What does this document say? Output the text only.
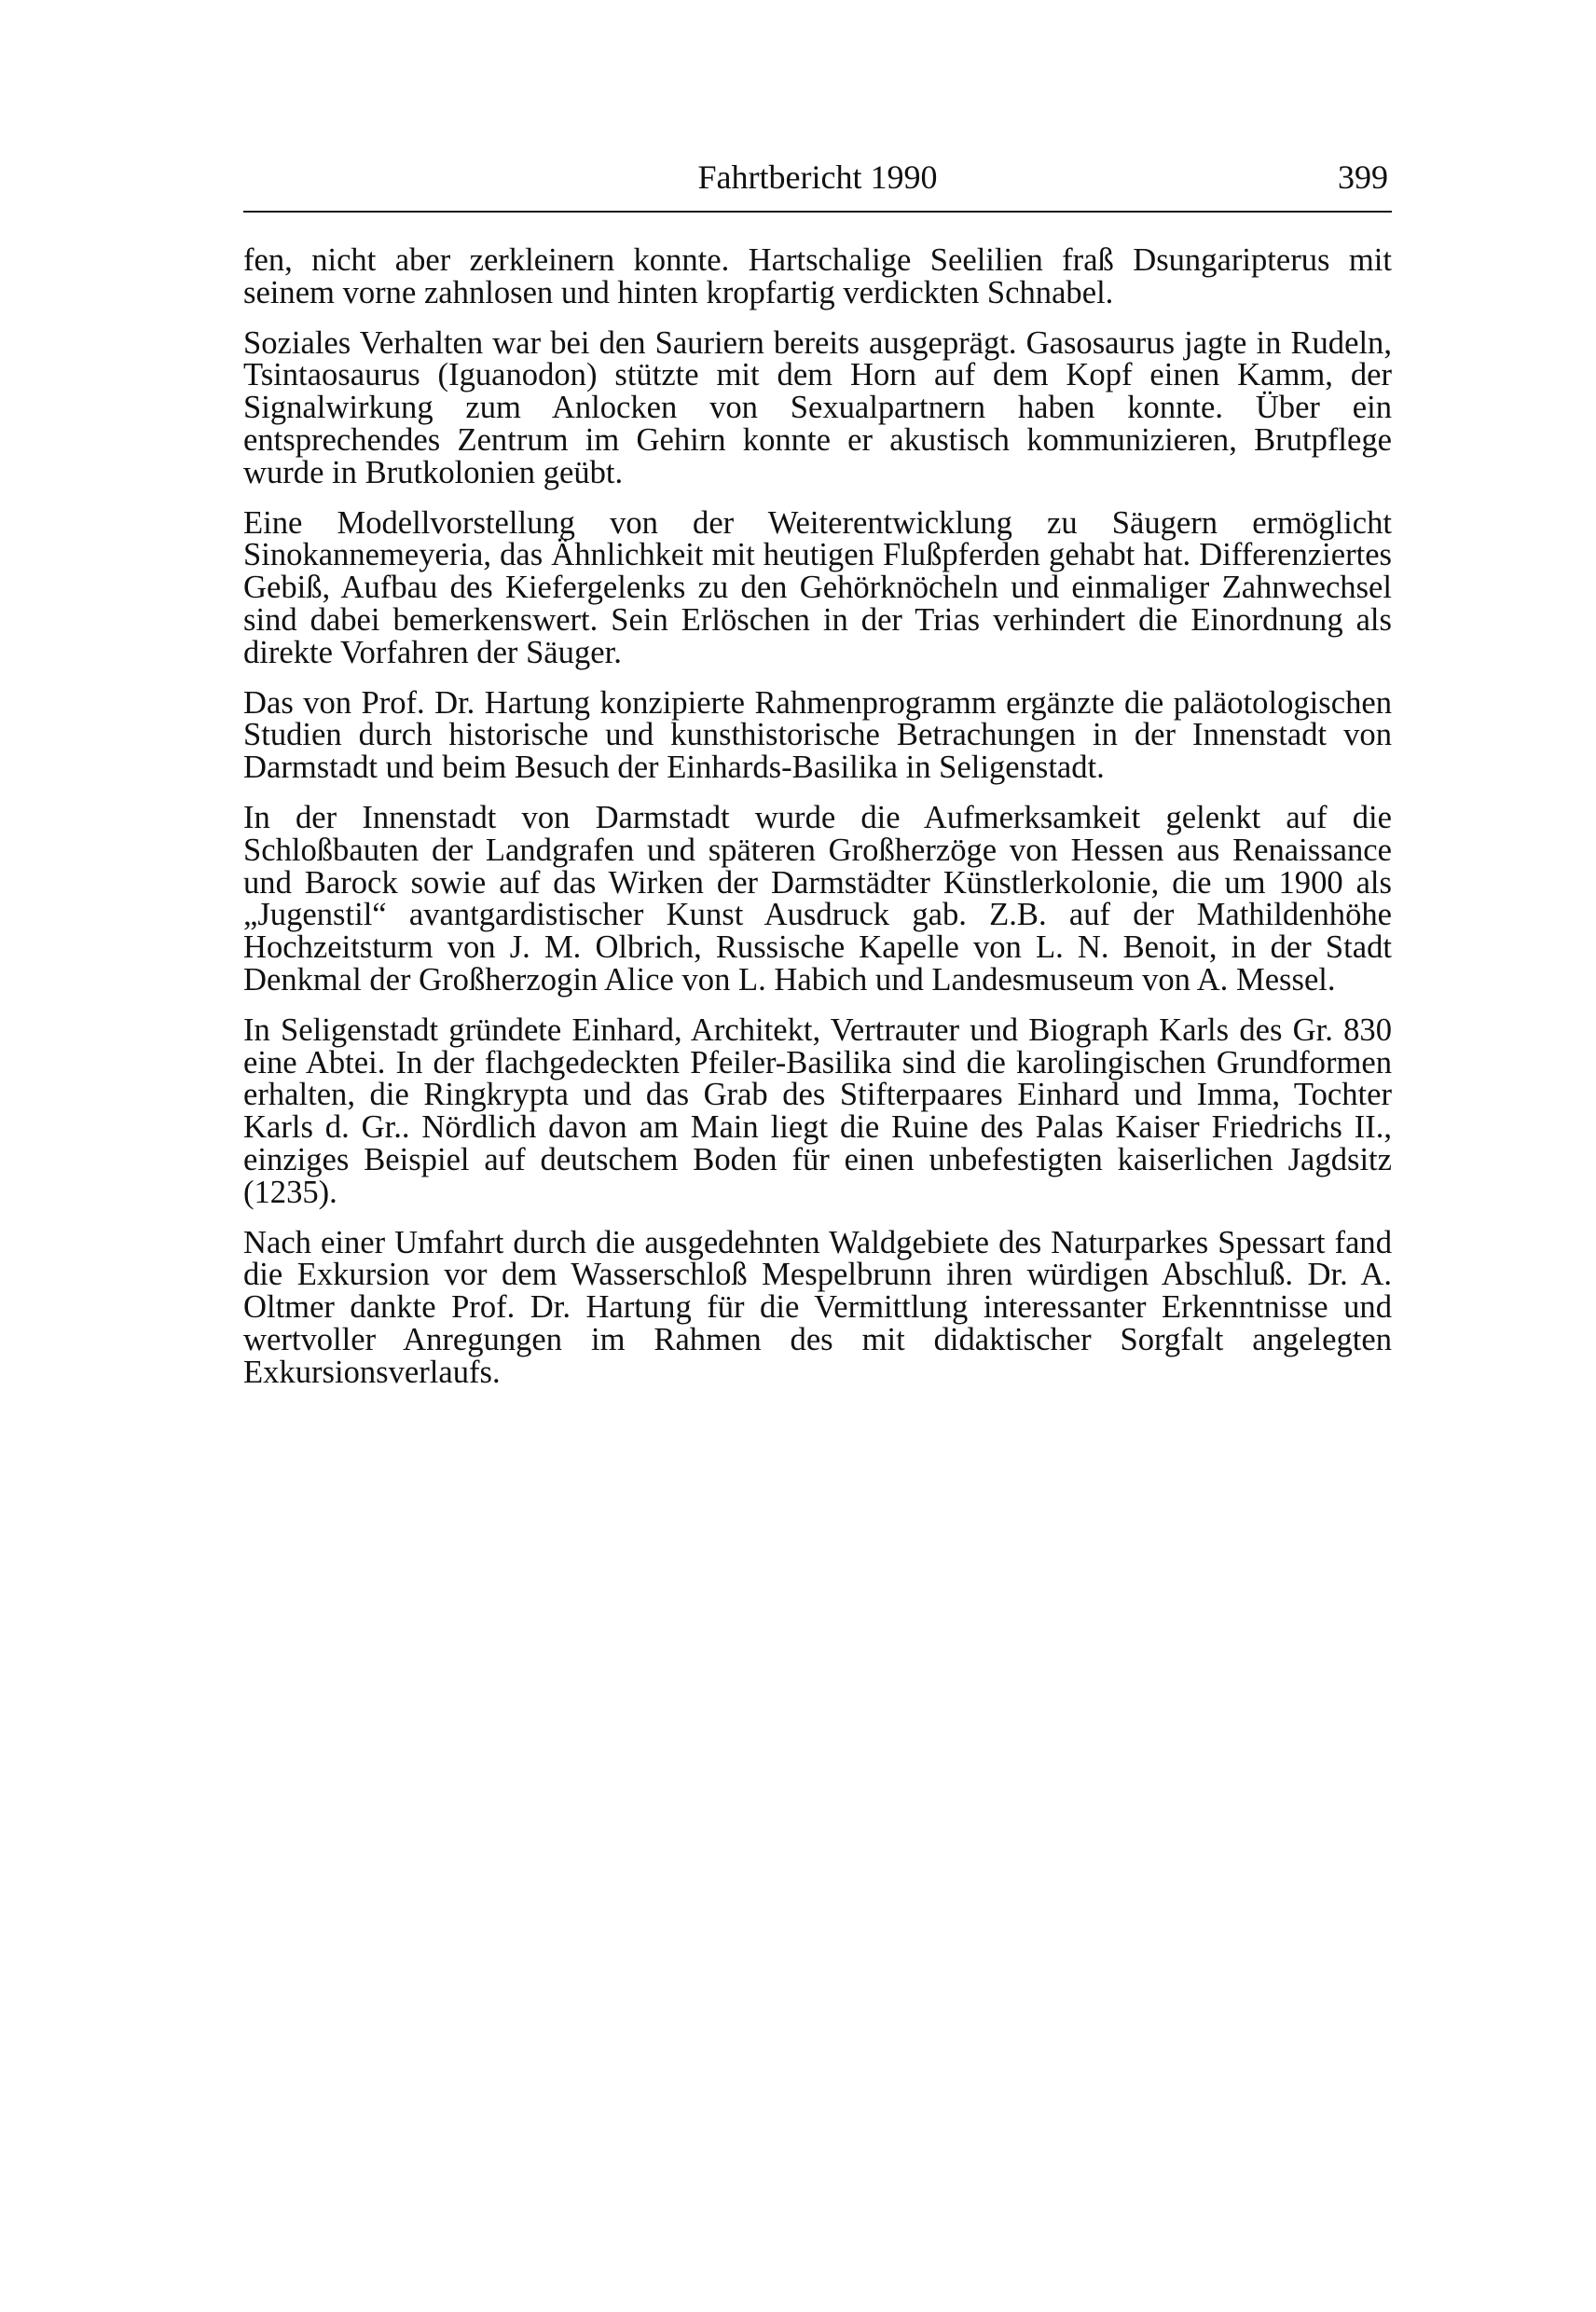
Fahrtbericht 1990	399

fen, nicht aber zerkleinern konnte. Hartschalige Seelilien fraß Dsungaripterus mit seinem vorne zahnlosen und hinten kropfartig verdickten Schnabel.

Soziales Verhalten war bei den Sauriern bereits ausgeprägt. Gasosaurus jagte in Rudeln, Tsintaosaurus (Iguanodon) stützte mit dem Horn auf dem Kopf einen Kamm, der Signalwirkung zum Anlocken von Sexualpartnern haben konnte. Über ein entsprechendes Zentrum im Gehirn konnte er akustisch kommunizieren, Brutpflege wurde in Brutkolonien geübt.

Eine Modellvorstellung von der Weiterentwicklung zu Säugern ermöglicht Sinokannemeyeria, das Ähnlichkeit mit heutigen Flußpferden gehabt hat. Differenziertes Gebiß, Aufbau des Kiefergelenks zu den Gehörknöcheln und einmaliger Zahnwechsel sind dabei bemerkenswert. Sein Erlöschen in der Trias verhindert die Einordnung als direkte Vorfahren der Säuger.

Das von Prof. Dr. Hartung konzipierte Rahmenprogramm ergänzte die paläotologischen Studien durch historische und kunsthistorische Betrachungen in der Innenstadt von Darmstadt und beim Besuch der Einhards-Basilika in Seligenstadt.

In der Innenstadt von Darmstadt wurde die Aufmerksamkeit gelenkt auf die Schloßbauten der Landgrafen und späteren Großherzöge von Hessen aus Renaissance und Barock sowie auf das Wirken der Darmstädter Künstlerkolonie, die um 1900 als „Jugenstil“ avantgardistischer Kunst Ausdruck gab. Z.B. auf der Mathildenhöhe Hochzeitsturm von J. M. Olbrich, Russische Kapelle von L. N. Benoit, in der Stadt Denkmal der Großherzogin Alice von L. Habich und Landesmuseum von A. Messel.

In Seligenstadt gründete Einhard, Architekt, Vertrauter und Biograph Karls des Gr. 830 eine Abtei. In der flachgedeckten Pfeiler-Basilika sind die karolingischen Grundformen erhalten, die Ringkrypta und das Grab des Stifterpaares Einhard und Imma, Tochter Karls d. Gr.. Nördlich davon am Main liegt die Ruine des Palas Kaiser Friedrichs II., einziges Beispiel auf deutschem Boden für einen unbefestigten kaiserlichen Jagdsitz (1235).

Nach einer Umfahrt durch die ausgedehnten Waldgebiete des Naturparkes Spessart fand die Exkursion vor dem Wasserschloß Mespelbrunn ihren würdigen Abschluß. Dr. A. Oltmer dankte Prof. Dr. Hartung für die Vermittlung interessanter Erkenntnisse und wertvoller Anregungen im Rahmen des mit didaktischer Sorgfalt angelegten Exkursionsverlaufs.
